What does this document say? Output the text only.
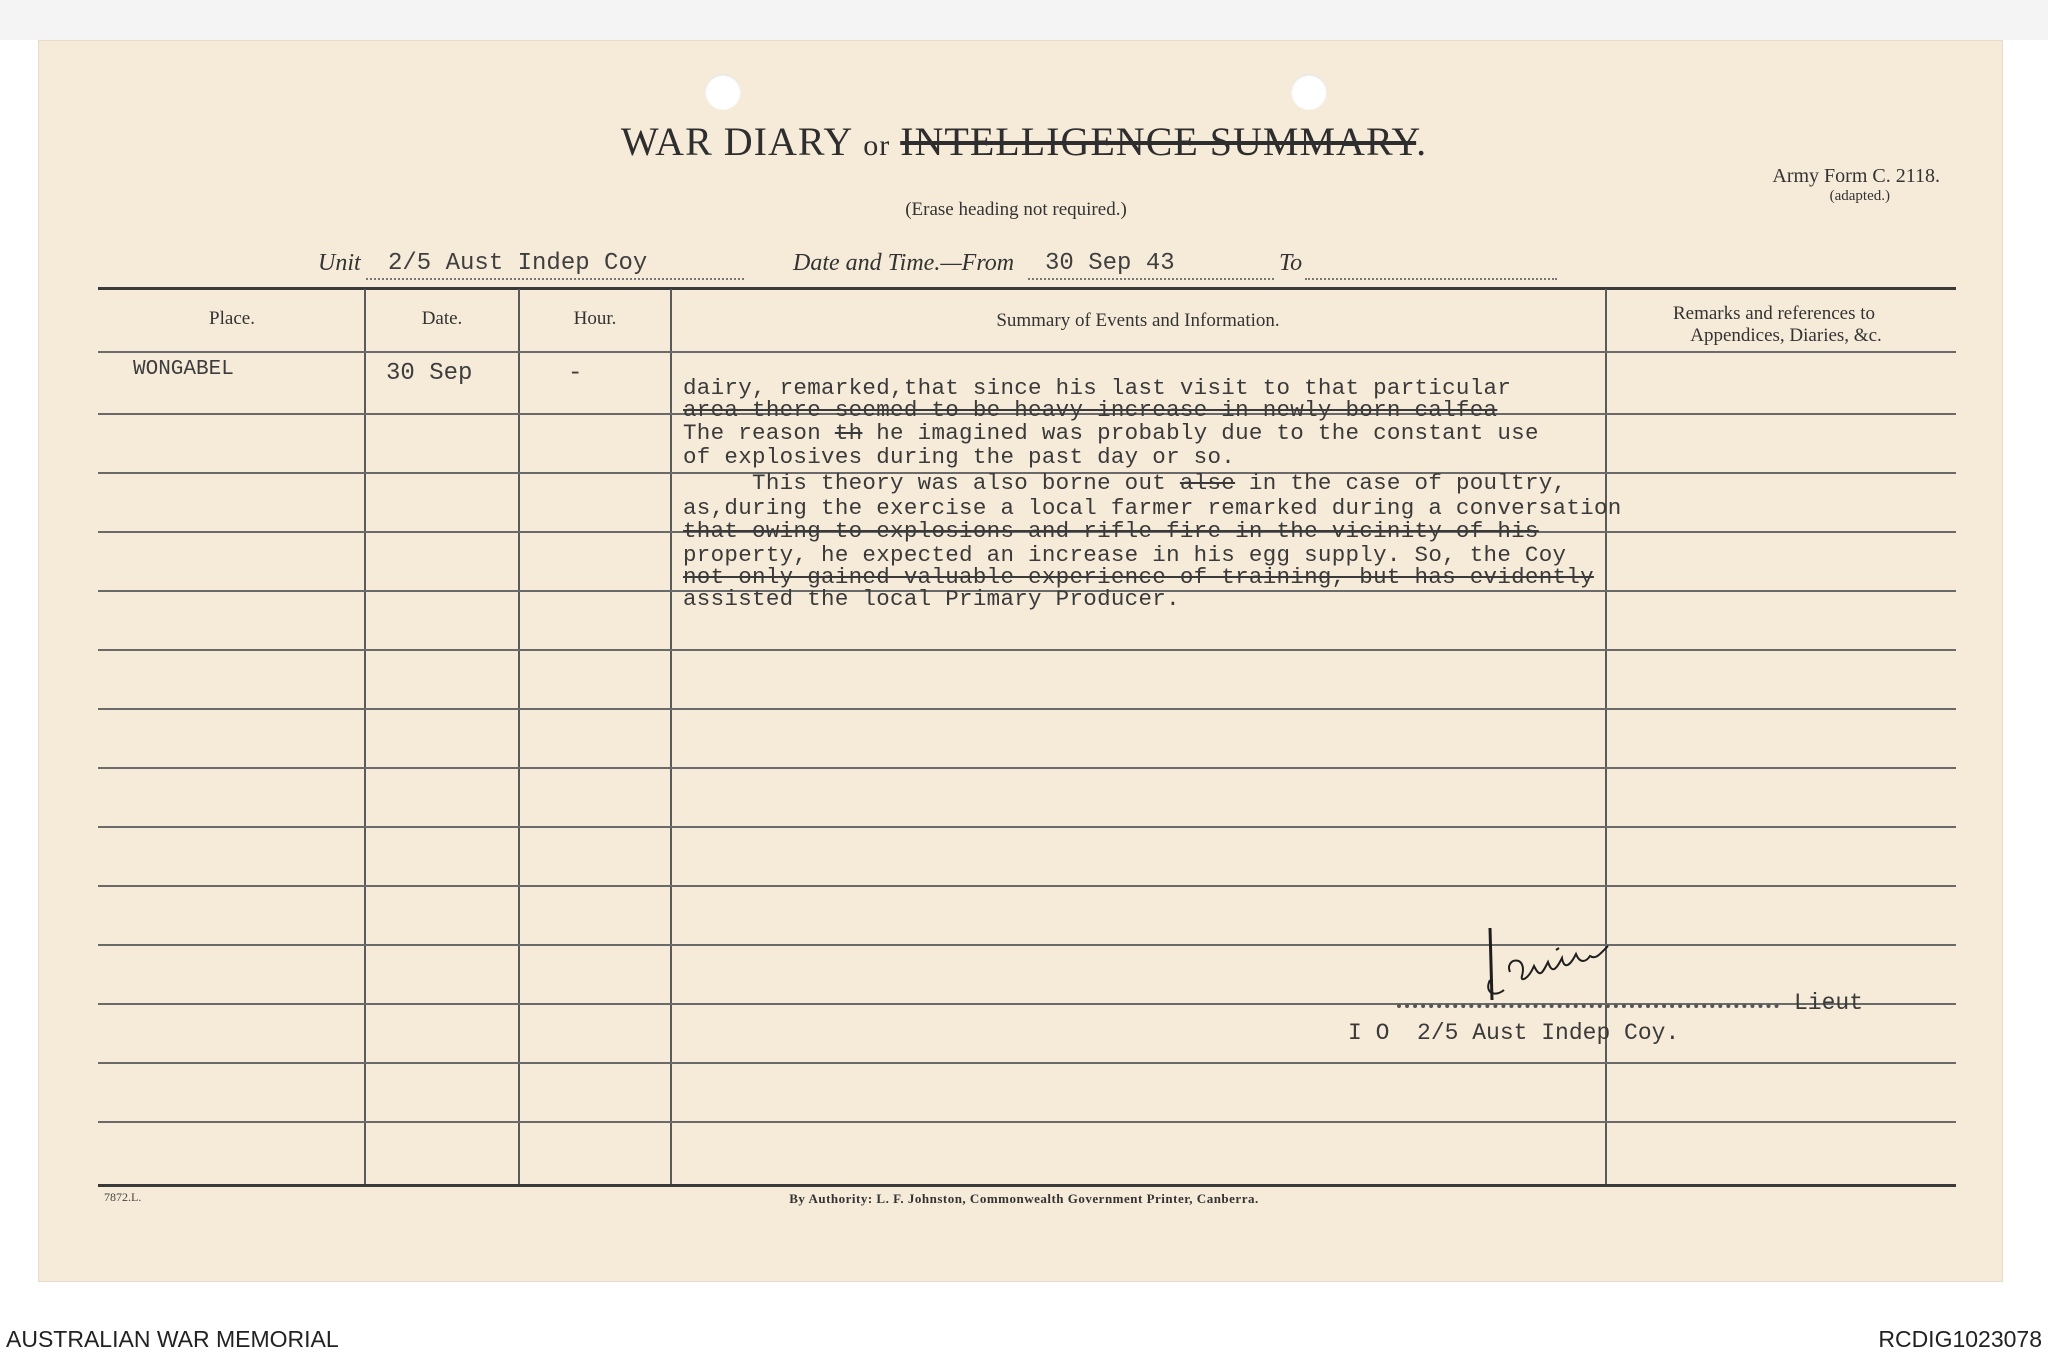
WAR DIARY or INTELLIGENCE SUMMARY.
(Erase heading not required.)
Army Form C. 2118.
(adapted.)
Unit 2/5 Aust Indep Coy	Date and Time.—From 30 Sep 43	To
Place.	Date.	Hour.	Summary of Events and Information.	Remarks and references to
Appendices, Diaries, &c.
WONGABEL	30 Sep	-
dairy, remarked,that since his last visit to that particular
area there seemed to be heavy increase in newly born calfea
The reason th he imagined was probably due to the constant use
of explosives during the past day or so.
This theory was also borne out alse in the case of poultry,
as,during the exercise a local farmer remarked during a conversation
that owing to explosions and rifle fire in the vicinity of his
property, he expected an increase in his egg supply. So, the Coy
not only gained valuable experience of training, but has evidently
assisted the local Primary Producer.
Lieut
I O  2/5 Aust Indep Coy.
7872.L.	By Authority: L. F. Johnston, Commonwealth Government Printer, Canberra.
AUSTRALIAN WAR MEMORIAL	RCDIG1023078
